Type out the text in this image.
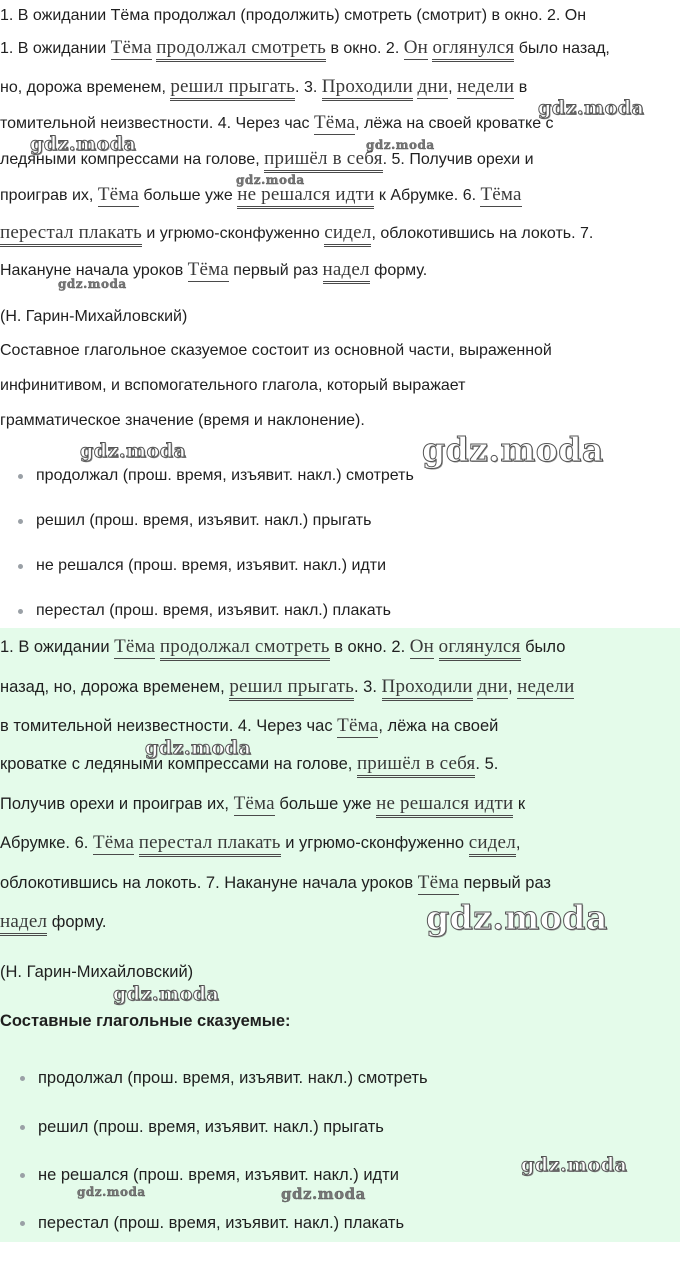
1. В ожидании Тёма продолжал (продолжить) смотреть (смотрит) в окно. 2. Он
1. В ожидании Тёма продолжал смотреть в окно. 2. Он оглянулся было назад,
но, дорожа временем, решил прыгать. 3. Проходили дни, недели в
томительной неизвестности. 4. Через час Тёма, лёжа на своей кроватке с
ледяными компрессами на голове, пришёл в себя. 5. Получив орехи и
проиграв их, Тёма больше уже не решался идти к Абрумке. 6. Тёма
перестал плакать и угрюмо-сконфуженно сидел, облокотившись на локоть. 7.
Накануне начала уроков Тёма первый раз надел форму.
(Н. Гарин-Михайловский)
Составное глагольное сказуемое состоит из основной части, выраженной
инфинитивом, и вспомогательного глагола, который выражает
грамматическое значение (время и наклонение).
продолжал (прош. время, изъявит. накл.) смотреть
решил (прош. время, изъявит. накл.) прыгать
не решался (прош. время, изъявит. накл.) идти
перестал (прош. время, изъявит. накл.) плакать
1. В ожидании Тёма продолжал смотреть в окно. 2. Он оглянулся было
назад, но, дорожа временем, решил прыгать. 3. Проходили дни, недели
в томительной неизвестности. 4. Через час Тёма, лёжа на своей
кроватке с ледяными компрессами на голове, пришёл в себя. 5.
Получив орехи и проиграв их, Тёма больше уже не решался идти к
Абрумке. 6. Тёма перестал плакать и угрюмо-сконфуженно сидел,
облокотившись на локоть. 7. Накануне начала уроков Тёма первый раз
надел форму.
(Н. Гарин-Михайловский)
Составные глагольные сказуемые:
продолжал (прош. время, изъявит. накл.) смотреть
решил (прош. время, изъявит. накл.) прыгать
не решался (прош. время, изъявит. накл.) идти
перестал (прош. время, изъявит. накл.) плакать
gdz.moda
gdz.moda	gdz.moda
gdz.moda
gdz.moda
gdz.moda	gdz.moda
gdz.moda
gdz.moda
gdz.moda
gdz.moda
gdz.moda	gdz.moda
